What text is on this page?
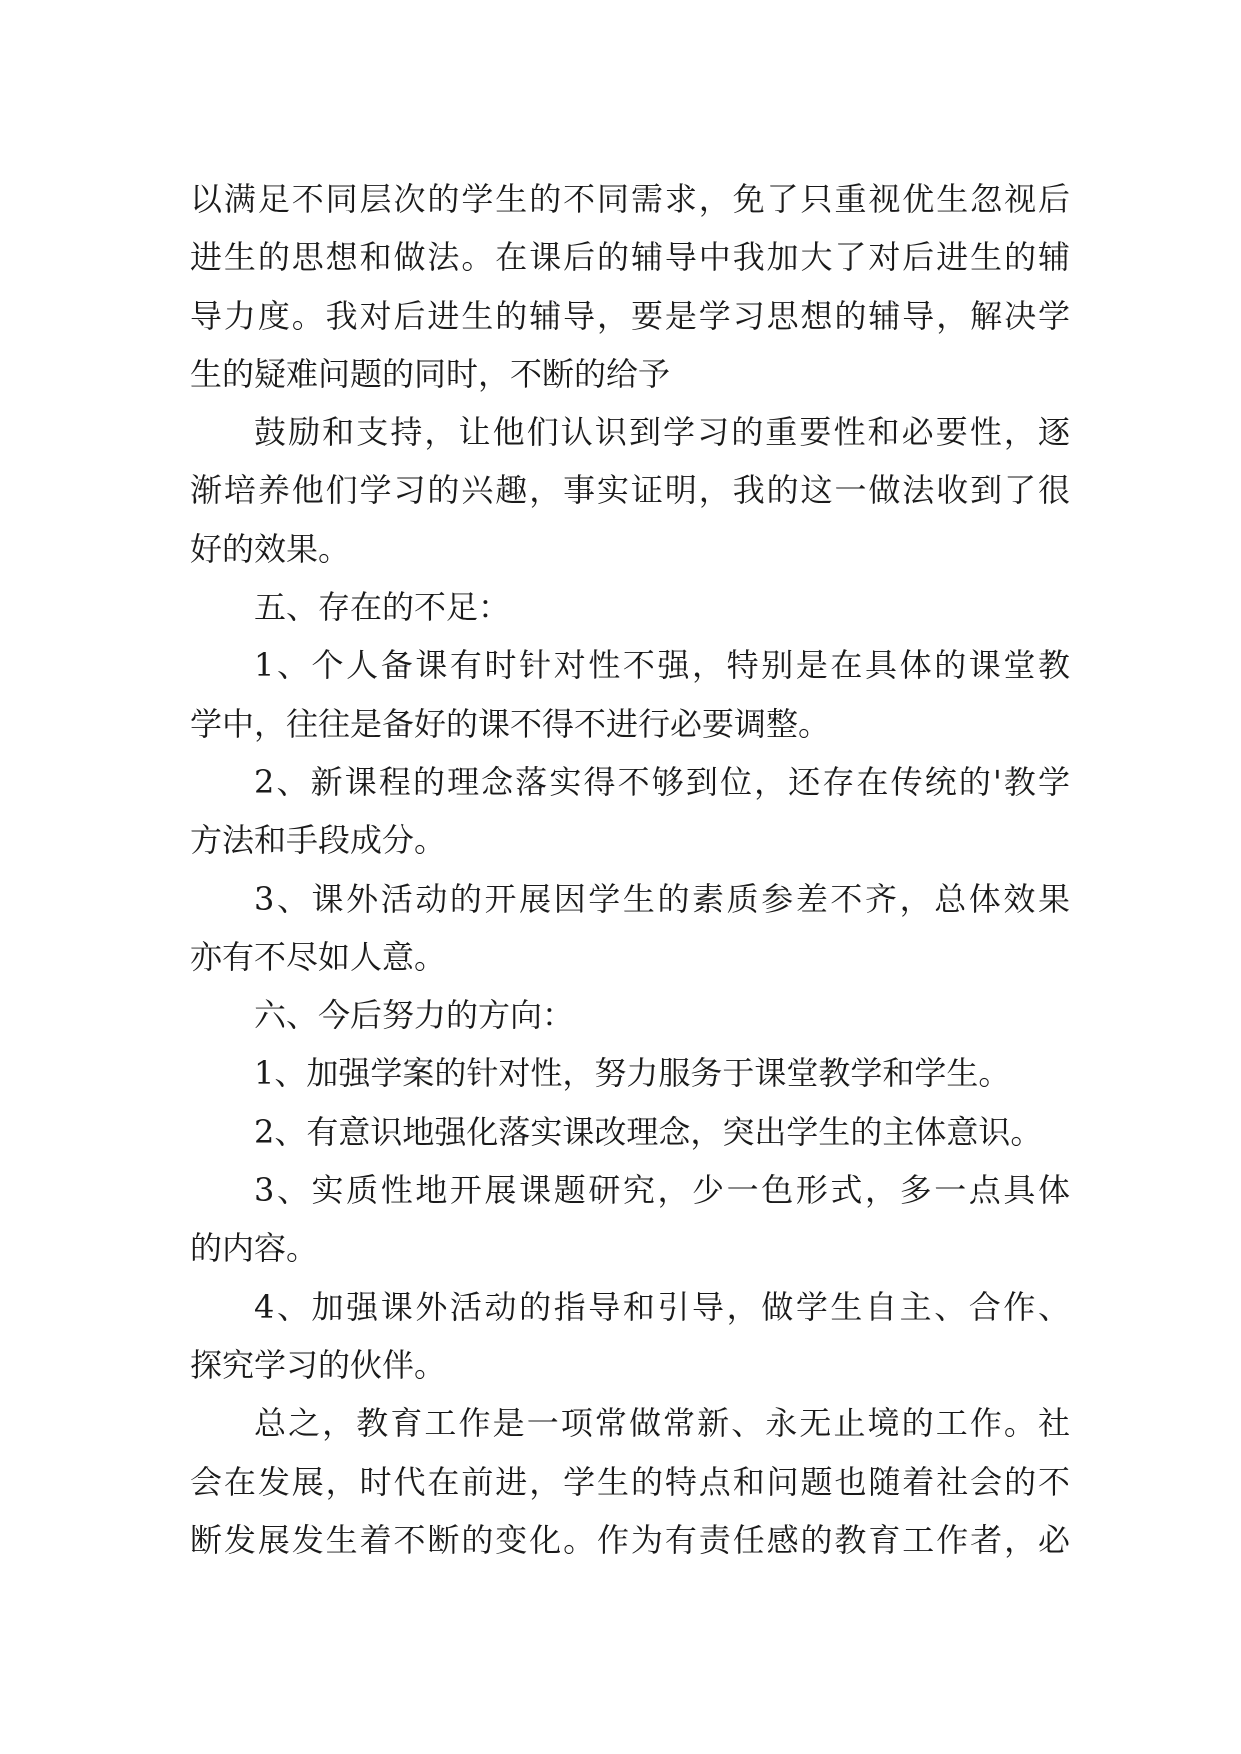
以满足不同层次的学生的不同需求，免了只重视优生忽视后
进生的思想和做法。在课后的辅导中我加大了对后进生的辅
导力度。我对后进生的辅导，要是学习思想的辅导，解决学
生的疑难问题的同时，不断的给予
鼓励和支持，让他们认识到学习的重要性和必要性，逐
渐培养他们学习的兴趣，事实证明，我的这一做法收到了很
好的效果。
五、存在的不足：
1、个人备课有时针对性不强，特别是在具体的课堂教
学中，往往是备好的课不得不进行必要调整。
2、新课程的理念落实得不够到位，还存在传统的'教学
方法和手段成分。
3、课外活动的开展因学生的素质参差不齐，总体效果
亦有不尽如人意。
六、今后努力的方向：
1、加强学案的针对性，努力服务于课堂教学和学生。
2、有意识地强化落实课改理念，突出学生的主体意识。
3、实质性地开展课题研究，少一色形式，多一点具体
的内容。
4、加强课外活动的指导和引导，做学生自主、合作、
探究学习的伙伴。
总之，教育工作是一项常做常新、永无止境的工作。社
会在发展，时代在前进，学生的特点和问题也随着社会的不
断发展发生着不断的变化。作为有责任感的教育工作者，必
